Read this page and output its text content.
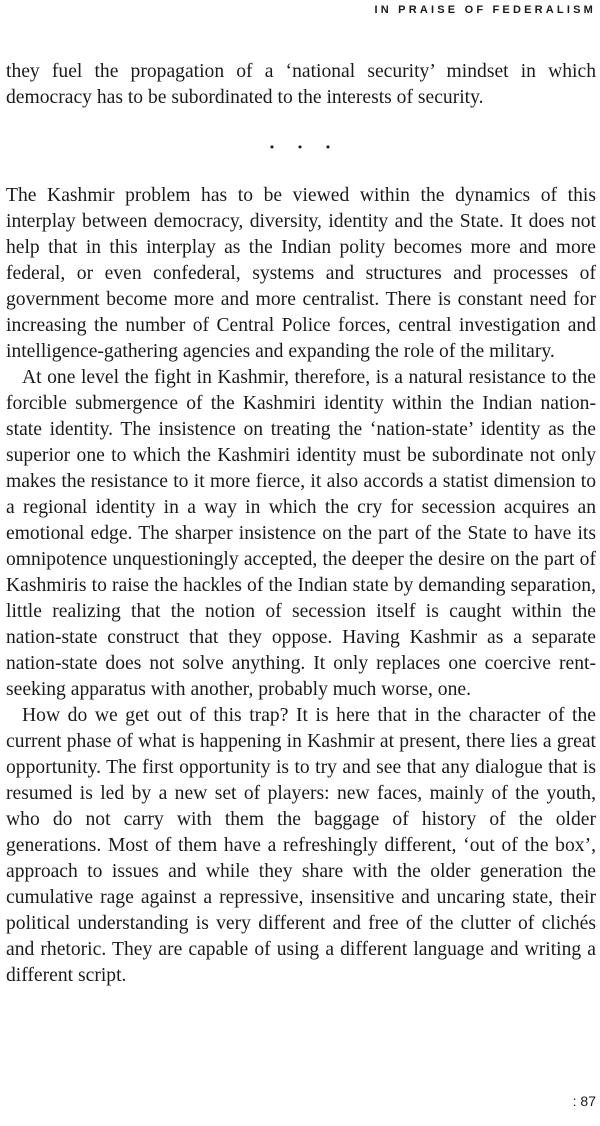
IN PRAISE OF FEDERALISM

they fuel the propagation of a ‘national security’ mindset in which democracy has to be subordinated to the interests of security.

• • •

The Kashmir problem has to be viewed within the dynamics of this interplay between democracy, diversity, identity and the State. It does not help that in this interplay as the Indian polity becomes more and more federal, or even confederal, systems and structures and processes of government become more and more centralist. There is constant need for increasing the number of Central Police forces, central investigation and intelligence-gathering agencies and expanding the role of the military.

At one level the fight in Kashmir, therefore, is a natural resistance to the forcible submergence of the Kashmiri identity within the Indian nation-state identity. The insistence on treating the ‘nation-state’ identity as the superior one to which the Kashmiri identity must be subordinate not only makes the resistance to it more fierce, it also accords a statist dimension to a regional identity in a way in which the cry for secession acquires an emotional edge. The sharper insistence on the part of the State to have its omnipotence unquestioningly accepted, the deeper the desire on the part of Kashmiris to raise the hackles of the Indian state by demanding separation, little realizing that the notion of secession itself is caught within the nation-state construct that they oppose. Having Kashmir as a separate nation-state does not solve anything. It only replaces one coercive rent-seeking apparatus with another, probably much worse, one.

How do we get out of this trap? It is here that in the character of the current phase of what is happening in Kashmir at present, there lies a great opportunity. The first opportunity is to try and see that any dialogue that is resumed is led by a new set of players: new faces, mainly of the youth, who do not carry with them the baggage of history of the older generations. Most of them have a refreshingly different, ‘out of the box’, approach to issues and while they share with the older generation the cumulative rage against a repressive, insensitive and uncaring state, their political understanding is very different and free of the clutter of clichés and rhetoric. They are capable of using a different language and writing a different script.

: 87
